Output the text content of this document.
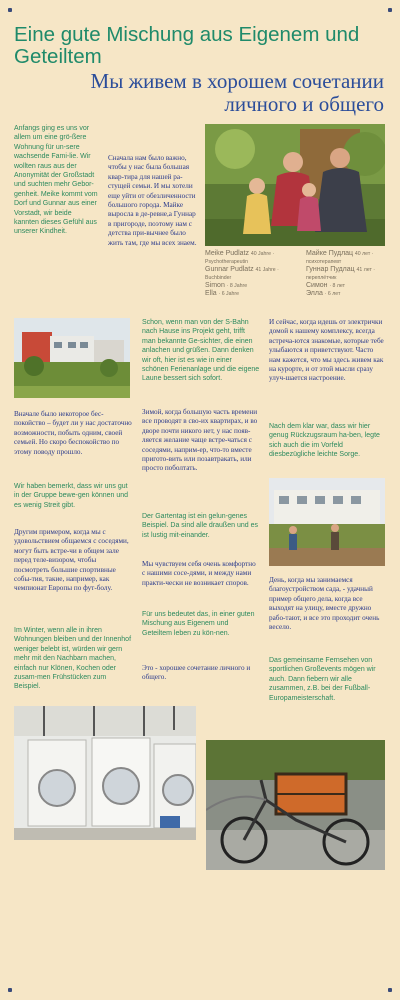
Eine gute Mischung aus Eigenem und Geteiltem
Мы живем в хорошем сочетании личного и общего

Anfangs ging es uns vor allem um eine grö-ßere Wohnung für un-sere wachsende Fami-lie. Wir wollten raus aus der Anonymität der Großstadt und suchten mehr Gebor-genheit. Meike kommt vom Dorf und Gunnar aus einer Vorstadt, wir beide kannten dieses Gefühl aus unserer Kindheit.

Сначала нам было важно, чтобы у нас была большая квар-тира для нашей ра-стущей семьи. И мы хотели еще уйти от обезличенности большого города. Майке выросла в де-ревне,а Гуннар в пригороде, поэтому нам с детства при-вычнее было жить там, где мы всех знаем.

Meike Pudlatz 40 Jahre · Psychotherapeutin
Gunnar Pudlatz 41 Jahre · Buchbinder
Simon · 8 Jahre
Ella · 6 Jahre
Майке Пудлац 40 лет · психотерапевт
Гуннар Пудлац 41 лет · переплётчик
Симон · 8 лет
Элла · 6 лет

Вначале было некоторое бес-покойство – будет ли у нас достаточно возможности, побыть одним, своей семьей. Но скоро беспокойство по этому поводу прошло.

Wir haben bemerkt, dass wir uns gut in der Gruppe bewe-gen können und es wenig Streit gibt.

Другим примером, когда мы с удовольствием общаемся с соседями, могут быть встре-чи в общем зале перед теле-визором, чтобы посмотреть большие спортивные собы-тия, такие, например, как чемпионат Европы по фут-болу.

Im Winter, wenn alle in ihren Wohnungen bleiben und der Innenhof weniger belebt ist, würden wir gern mehr mit den Nachbarn machen, einfach nur Klönen, Kochen oder zusam-men Frühstücken zum Beispiel.

Schon, wenn man von der S-Bahn nach Hause ins Projekt geht, trifft man bekannte Ge-sichter, die einen anlachen und grüßen. Dann denken wir oft, hier ist es wie in einer schönen Ferienanlage und die eigene Laune bessert sich sofort.

Зимой, когда большую часть времени все проводят в сво-их квартирах, и во дворе почти никого нет, у нас появ-ляется желание чаще встре-чаться с соседями, наприм-ер, что-то вместе пригото-вить или позавтракать, или просто поболтать.

Der Gartentag ist ein gelun-genes Beispiel. Da sind alle draußen und es ist lustig mit-einander.

Мы чувствуем себя очень комфортно с нашими сосе-дями, и между нами практи-чески не возникает споров.

Für uns bedeutet das, in einer guten Mischung aus Eigenem und Geteiltem leben zu kön-nen.

Это - хорошее сочетание личного и общего.

И сейчас, когда идешь от электрички домой к нашему комплексу, всегда встреча-ются знакомые, которые тебе улыбаются и приветствуют. Часто нам кажется, что мы здесь живем как на курорте, и от этой мысли сразу улуч-шается настроение.

Nach dem klar war, dass wir hier genug Rückzugsraum ha-ben, legte sich auch die im Vorfeld diesbezügliche leichte Sorge.

День, когда мы занимаемся благоустройством сада, - удачный пример общего дела, когда все выходят на улицу, вместе дружно рабо-тают, и все это проходит очень весело.

Das gemeinsame Fernsehen von sportlichen Großevents mögen wir auch. Dann fiebern wir alle zusammen, z.B. bei der Fußball-Europameisterschaft.
